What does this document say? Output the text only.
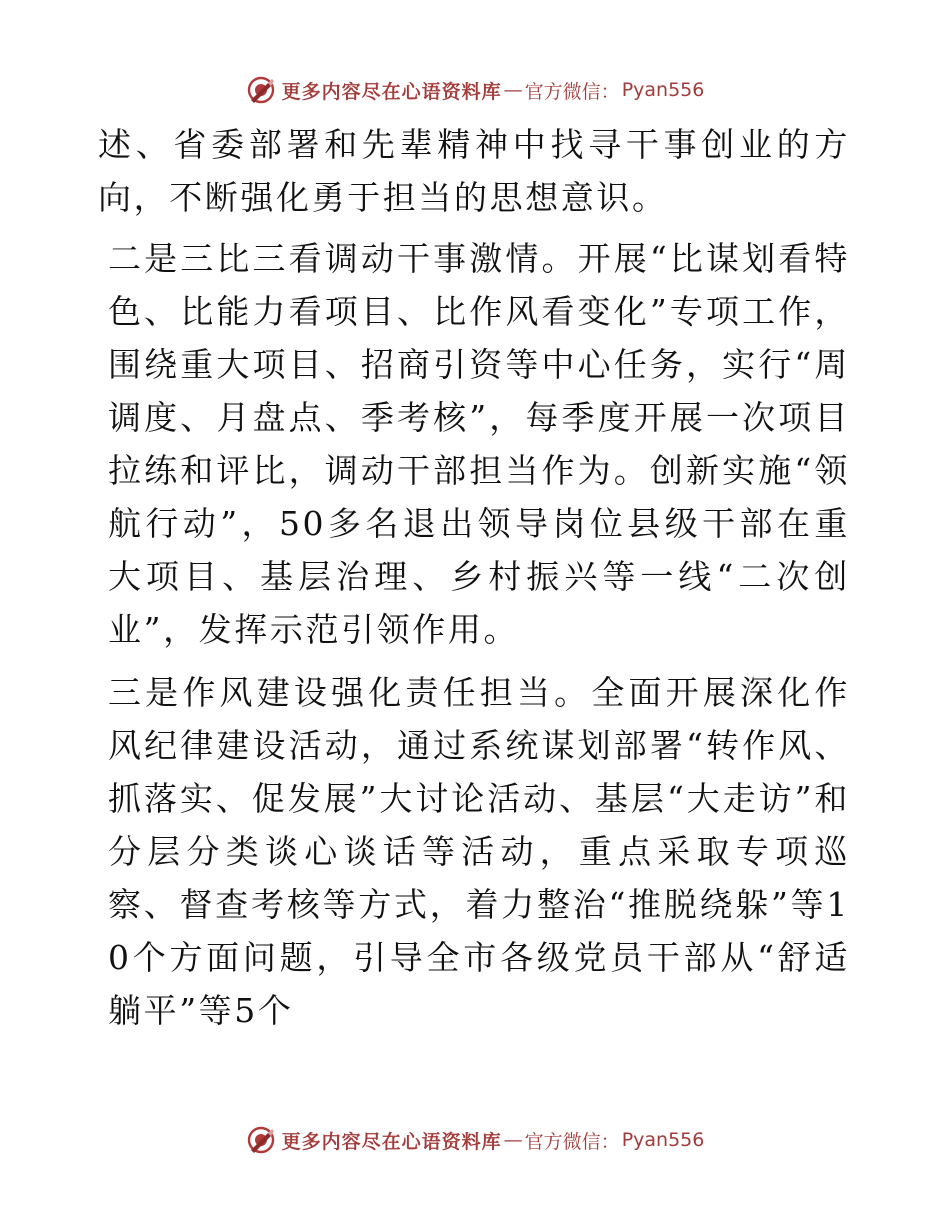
更多内容尽在心语资料库 — 官方微信： Pyan556

述、省委部署和先辈精神中找寻干事创业的方向，不断强化勇于担当的思想意识。

二是三比三看调动干事激情。开展“比谋划看特色、比能力看项目、比作风看变化”专项工作，围绕重大项目、招商引资等中心任务，实行“周调度、月盘点、季考核”，每季度开展一次项目拉练和评比，调动干部担当作为。创新实施“领航行动”，50多名退出领导岗位县级干部在重大项目、基层治理、乡村振兴等一线“二次创业”，发挥示范引领作用。

三是作风建设强化责任担当。全面开展深化作风纪律建设活动，通过系统谋划部署“转作风、抓落实、促发展”大讨论活动、基层“大走访”和分层分类谈心谈话等活动，重点采取专项巡察、督查考核等方式，着力整治“推脱绕躲”等10个方面问题，引导全市各级党员干部从“舒适躺平”等5个

更多内容尽在心语资料库 — 官方微信： Pyan556
